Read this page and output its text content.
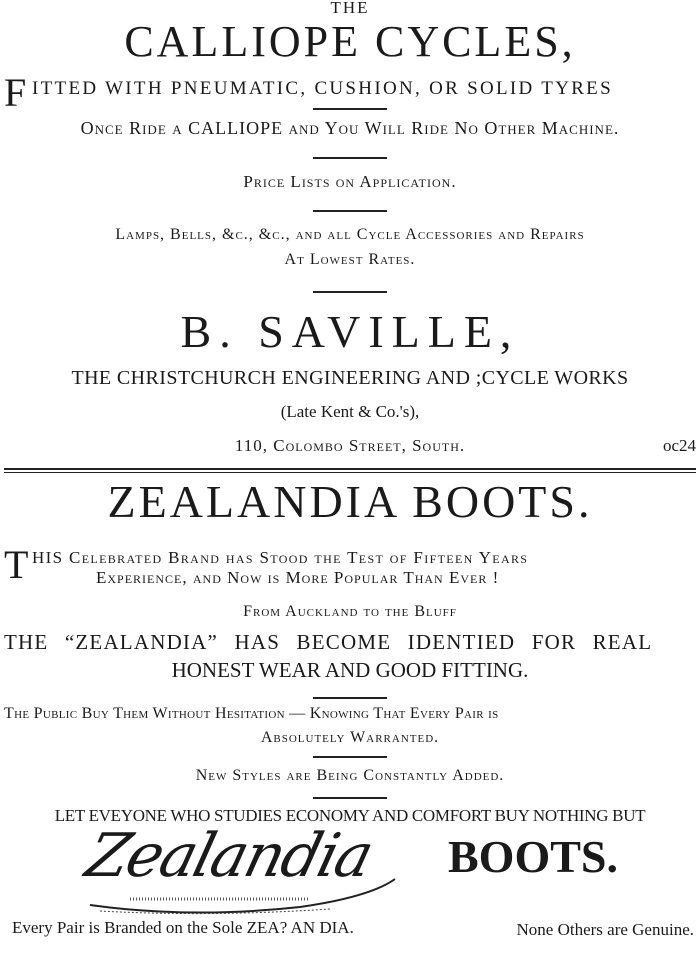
THE
CALLIOPE CYCLES,
F ITTED WITH PNEUMATIC, CUSHION, OR SOLID TYRES
Once Ride a CALLIOPE and You Will Ride No Other Machine.
Price Lists on Application.
Lamps, Bells, &c., &c., and all Cycle Accessories and Repairs
At Lowest Rates.
B. SAVILLE,
THE CHRISTCHURCH ENGINEERING AND ;CYCLE WORKS
(Late Kent & Co.'s),
110, Colombo Street, South.	oc24
ZEALANDIA BOOTS.
T HIS Celebrated Brand has Stood the Test of Fifteen Years
Experience, and Now is More Popular Than Ever !
From Auckland to the Bluff
THE “ZEALANDIA” HAS BECOME IDENTIED FOR REAL
HONEST WEAR AND GOOD FITTING.
The Public Buy Them Without Hesitation — Knowing That Every Pair is
Absolutely Warranted.
New Styles are Being Constantly Added.
LET EVEYONE WHO STUDIES ECONOMY AND COMFORT BUY NOTHING BUT
Zealandia BOOTS.
Every Pair is Branded on the Sole ZEA? AN DIA.	None Others are Genuine.
